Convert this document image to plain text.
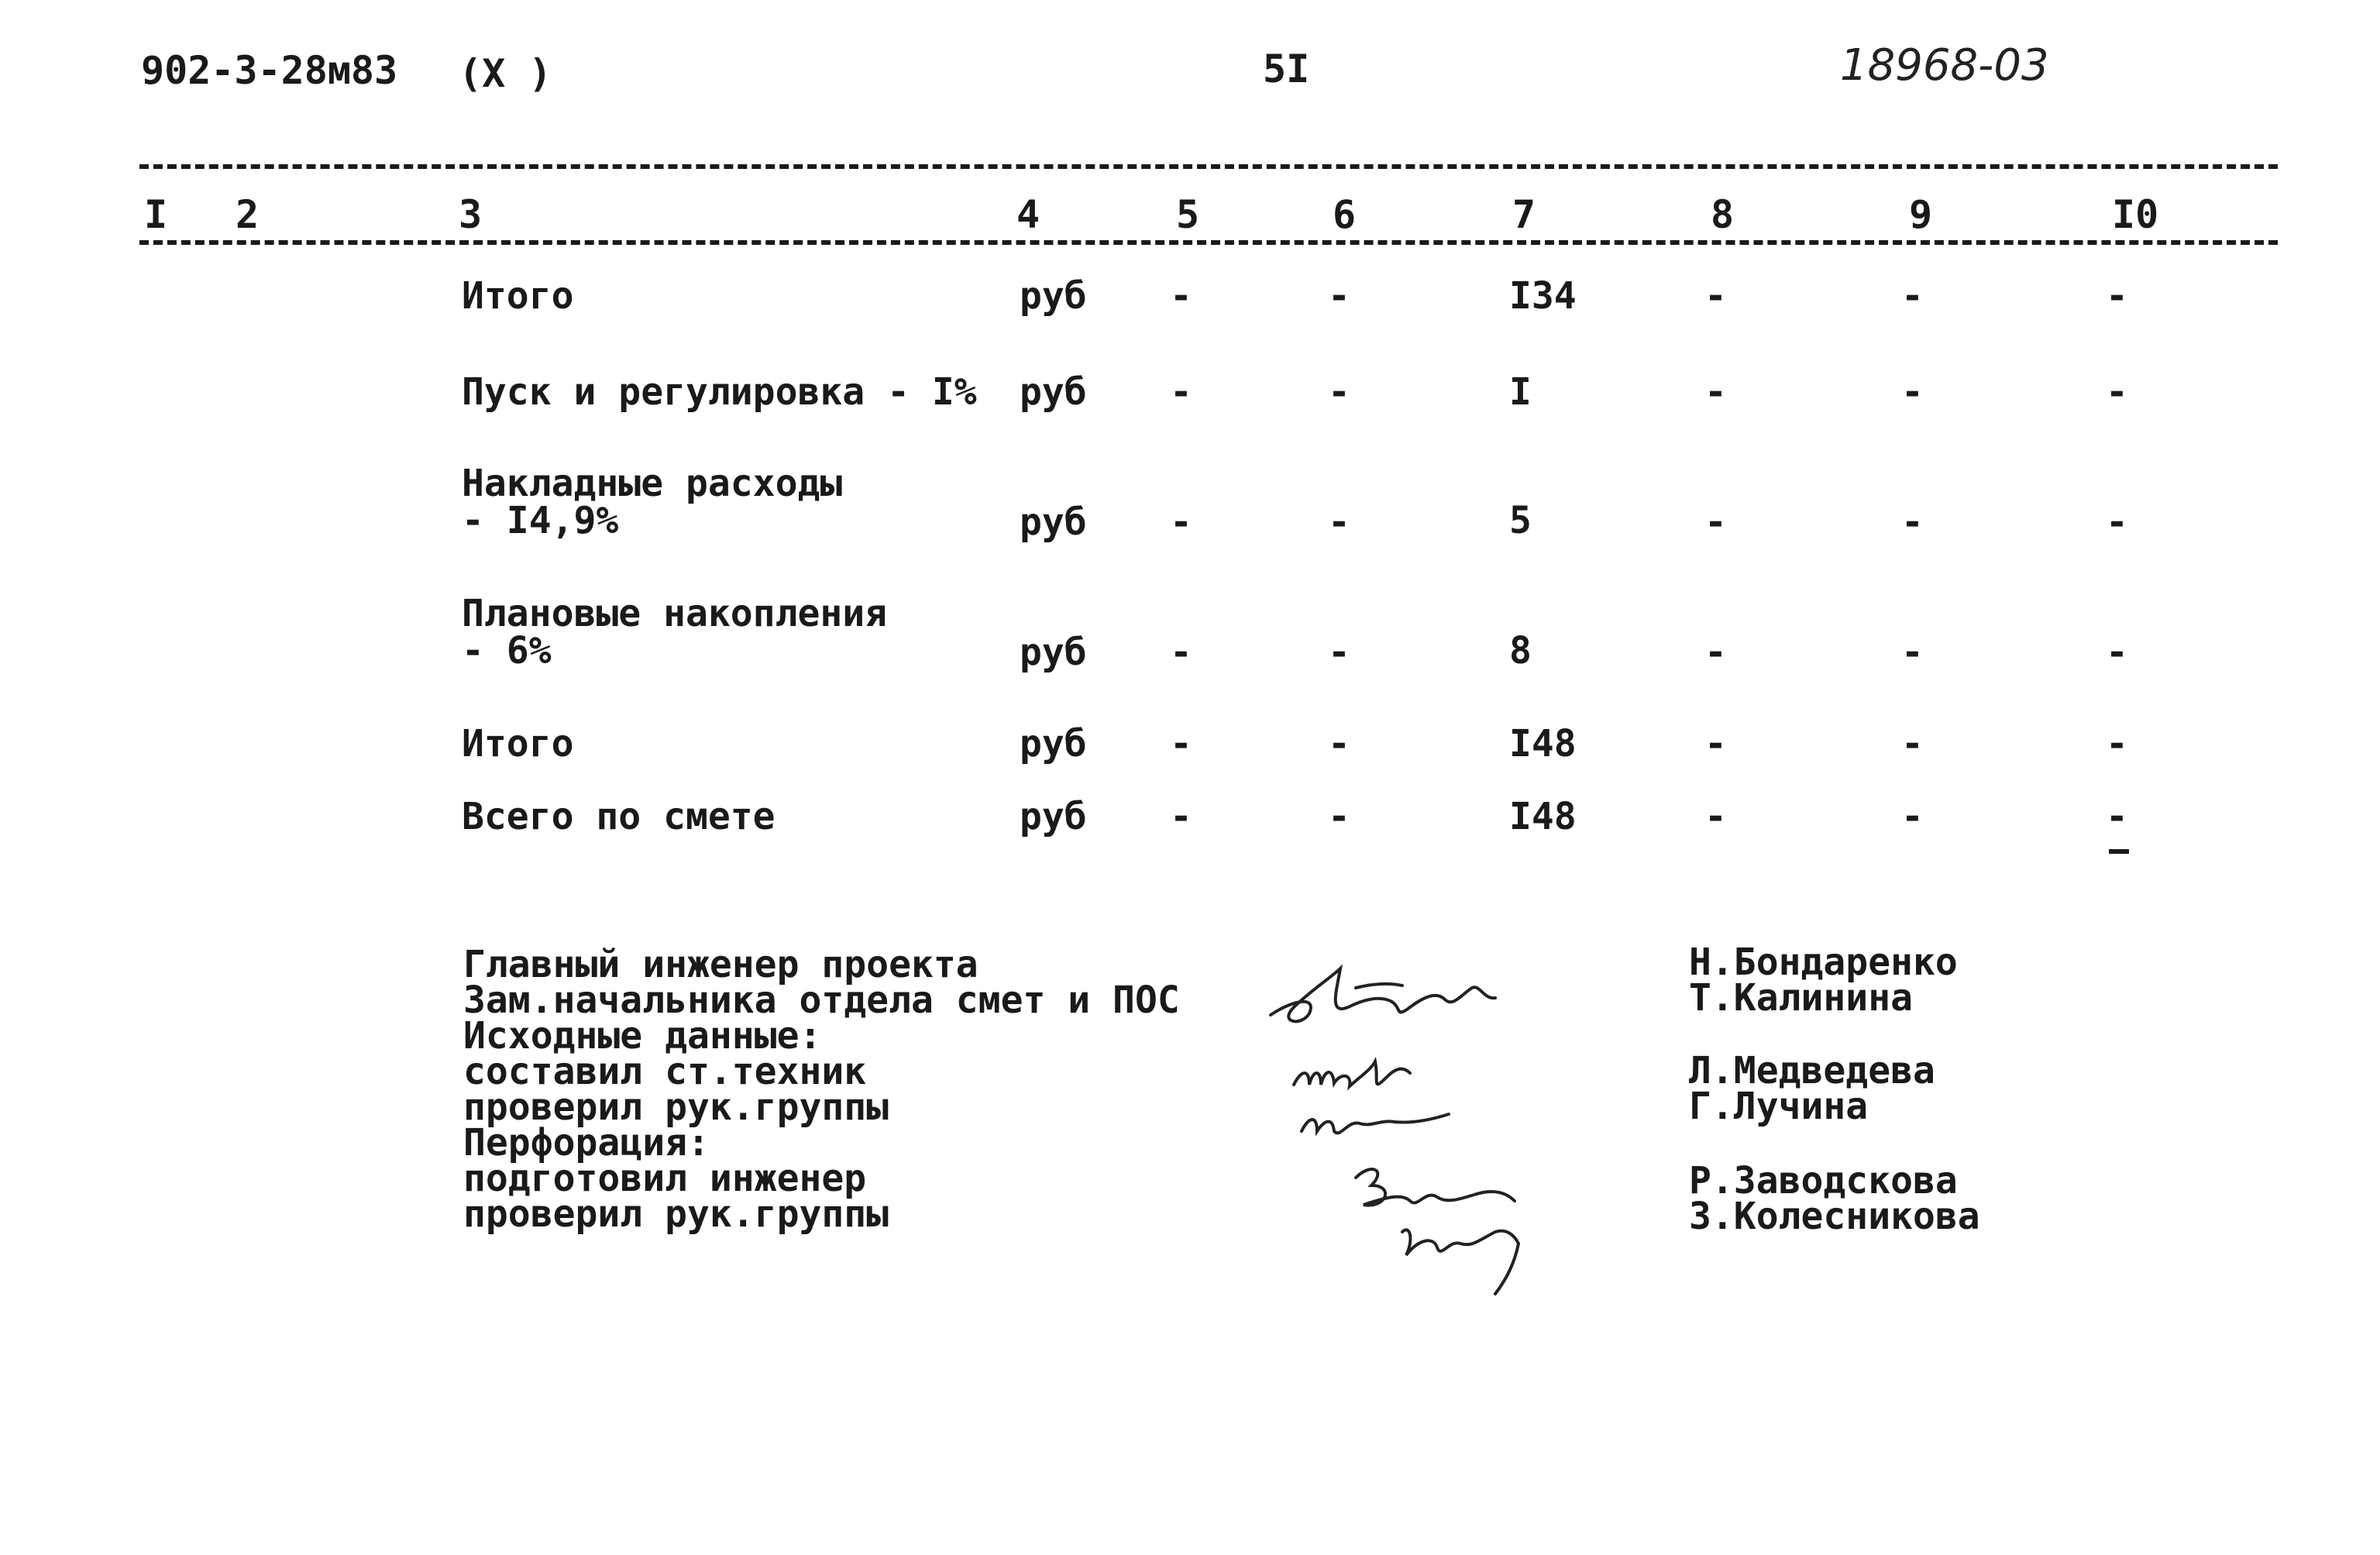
902-3-28м83 (X )	5I	18968-03
I 2	3	4	5	6	7	8	9	I0
Итого	руб -	-	I34	-	-	-
Пуск и регулировка - I% руб -	-	I	-	-	-
Накладные расходы
- I4,9%	руб -	-	5	-	-	-
Плановые накопления
- 6%	руб -	-	8	-	-	-
Итого	руб -	-	I48	-	-	-
Всего по смете	руб -	-	I48	-	-	-
Главный инженер проекта
Зам.начальника отдела смет и ПОС
Исходные данные:
составил ст.техник
проверил рук.группы
Перфорация:
подготовил инженер
проверил рук.группы
Н.Бондаренко
Т.Калинина
Л.Медведева
Г.Лучина
Р.Заводскова
З.Колесникова
